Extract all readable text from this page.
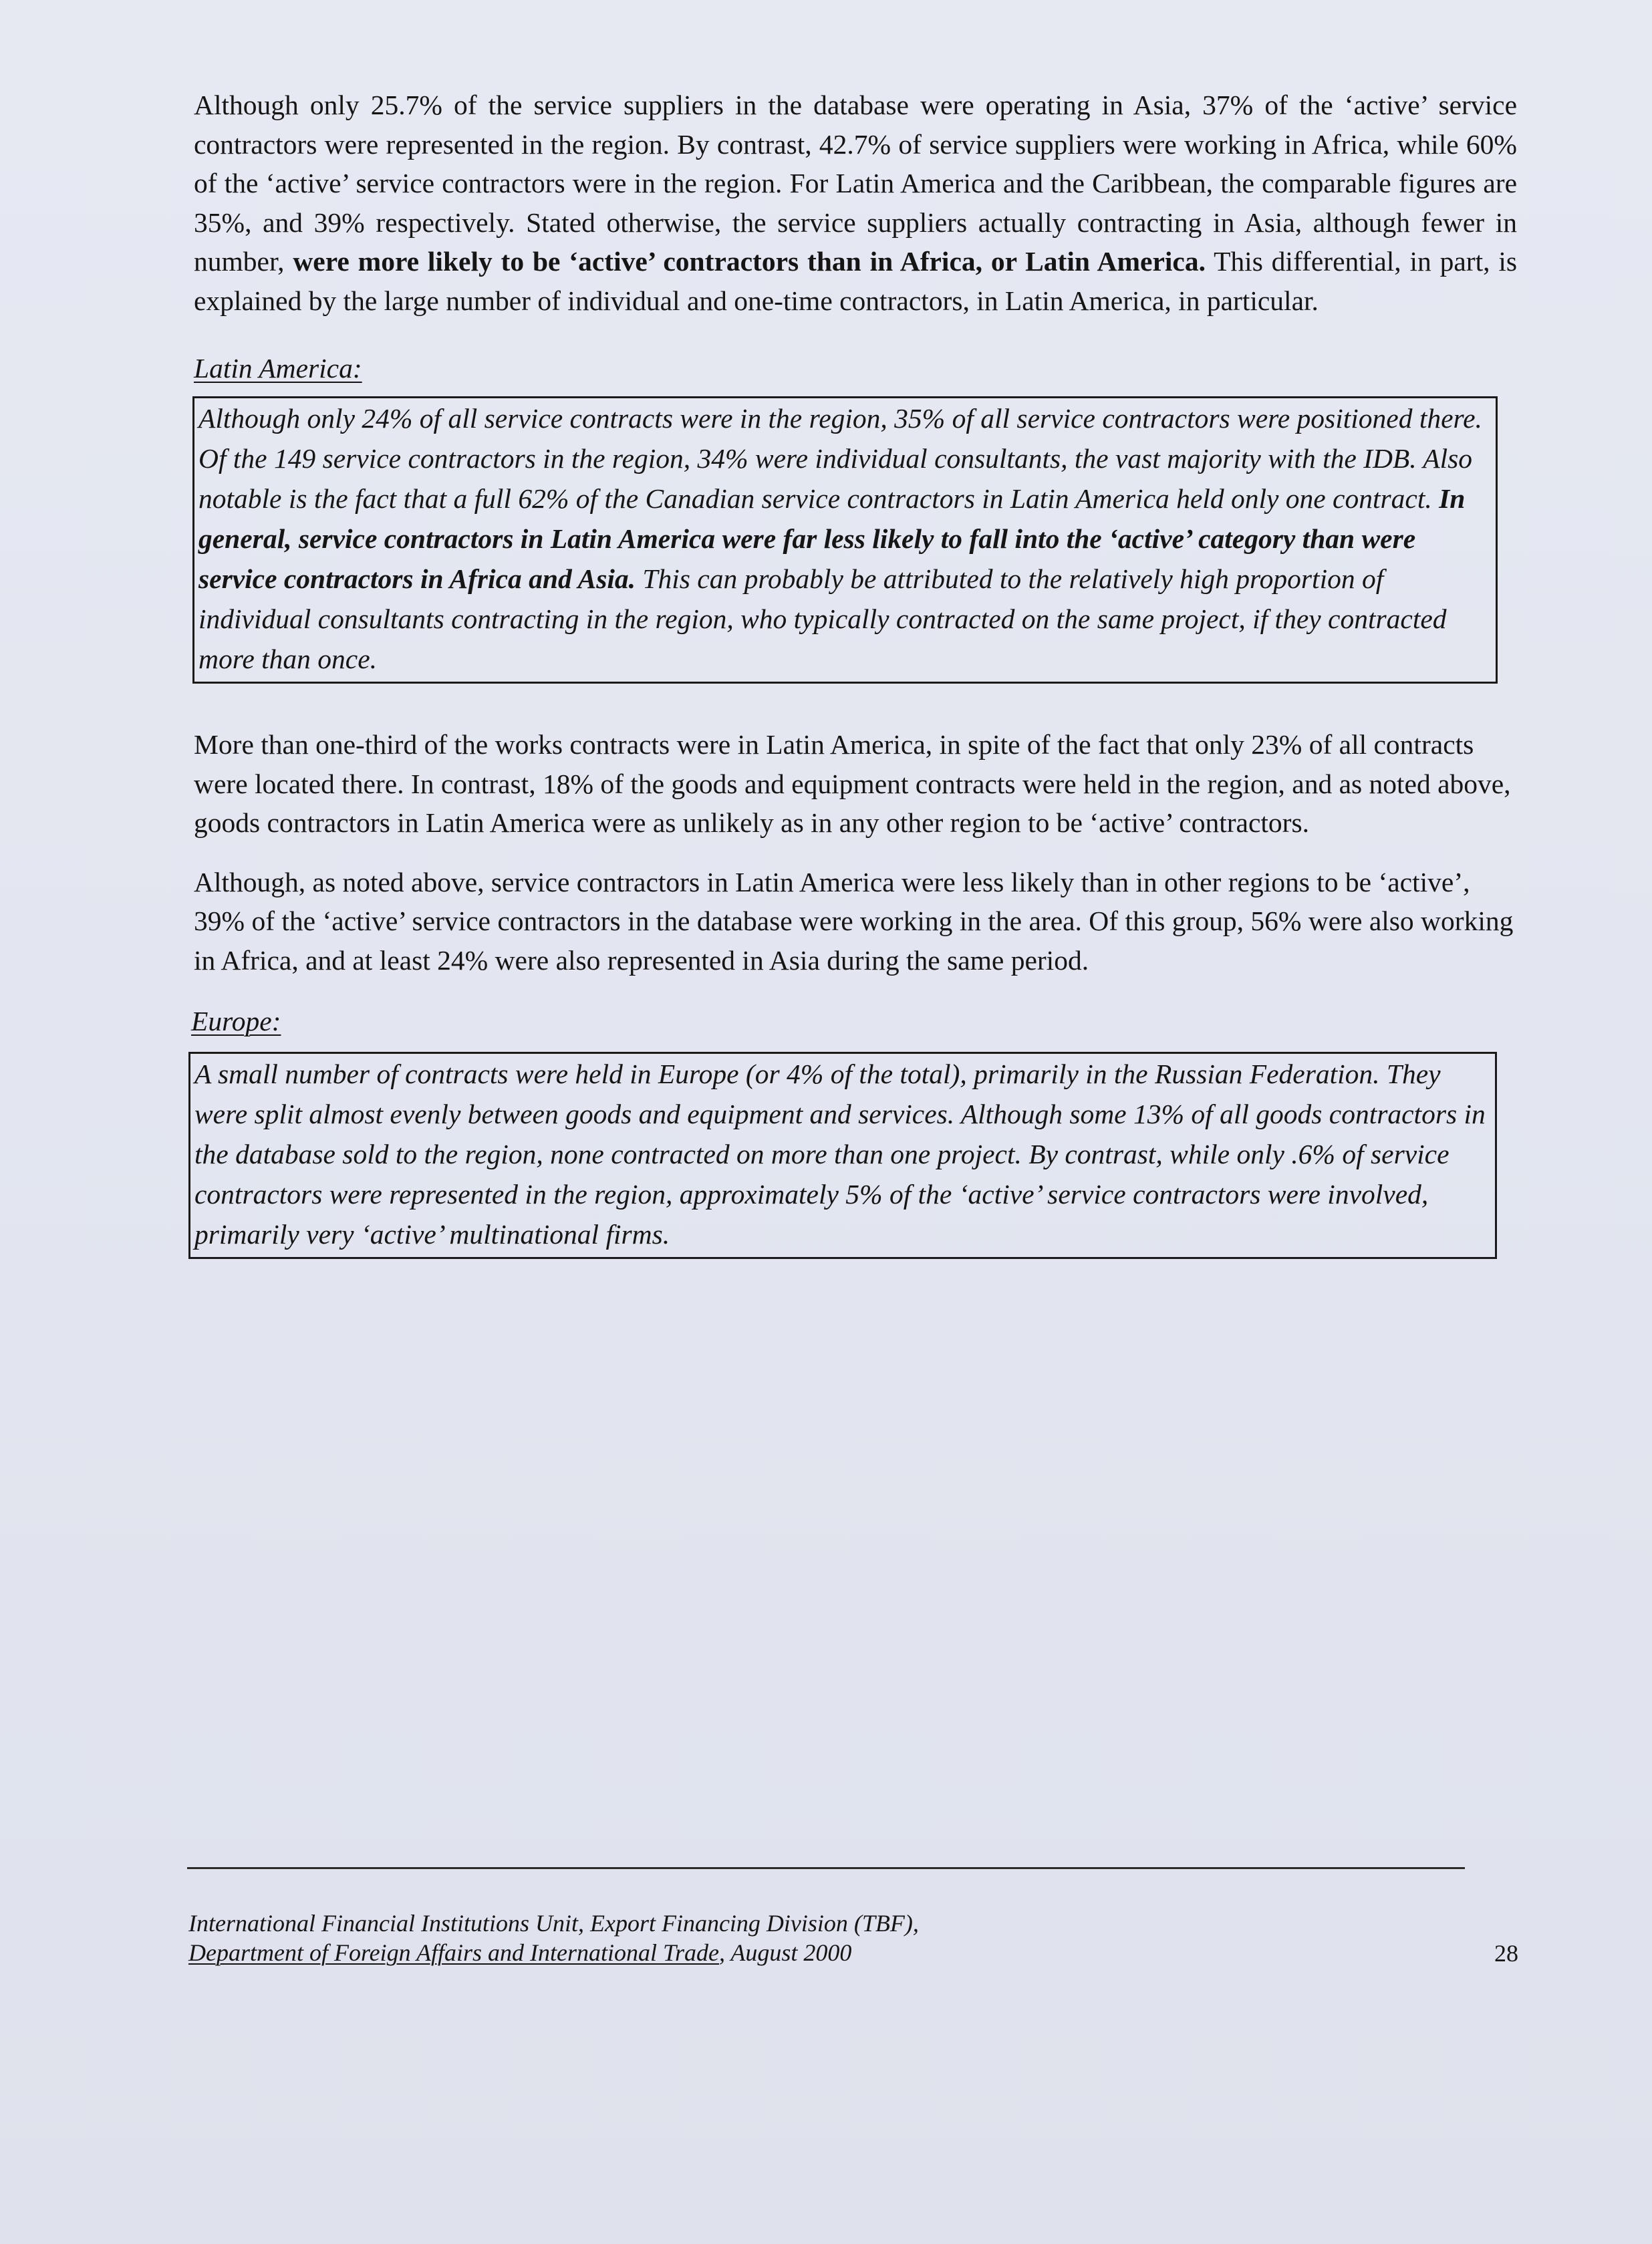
Although only 25.7% of the service suppliers in the database were operating in Asia, 37% of the ‘active’ service contractors were represented in the region. By contrast, 42.7% of service suppliers were working in Africa, while 60% of the ‘active’ service contractors were in the region. For Latin America and the Caribbean, the comparable figures are 35%, and 39% respectively. Stated otherwise, the service suppliers actually contracting in Asia, although fewer in number, were more likely to be ‘active’ contractors than in Africa, or Latin America. This differential, in part, is explained by the large number of individual and one-time contractors, in Latin America, in particular.

Latin America:

Although only 24% of all service contracts were in the region, 35% of all service contractors were positioned there. Of the 149 service contractors in the region, 34% were individual consultants, the vast majority with the IDB. Also notable is the fact that a full 62% of the Canadian service contractors in Latin America held only one contract. In general, service contractors in Latin America were far less likely to fall into the ‘active’ category than were service contractors in Africa and Asia. This can probably be attributed to the relatively high proportion of individual consultants contracting in the region, who typically contracted on the same project, if they contracted more than once.

More than one-third of the works contracts were in Latin America, in spite of the fact that only 23% of all contracts were located there. In contrast, 18% of the goods and equipment contracts were held in the region, and as noted above, goods contractors in Latin America were as unlikely as in any other region to be ‘active’ contractors.

Although, as noted above, service contractors in Latin America were less likely than in other regions to be ‘active’, 39% of the ‘active’ service contractors in the database were working in the area. Of this group, 56% were also working in Africa, and at least 24% were also represented in Asia during the same period.

Europe:

A small number of contracts were held in Europe (or 4% of the total), primarily in the Russian Federation. They were split almost evenly between goods and equipment and services. Although some 13% of all goods contractors in the database sold to the region, none contracted on more than one project. By contrast, while only .6% of service contractors were represented in the region, approximately 5% of the ‘active’ service contractors were involved, primarily very ‘active’ multinational firms.

International Financial Institutions Unit, Export Financing Division (TBF),
Department of Foreign Affairs and International Trade, August 2000	28
